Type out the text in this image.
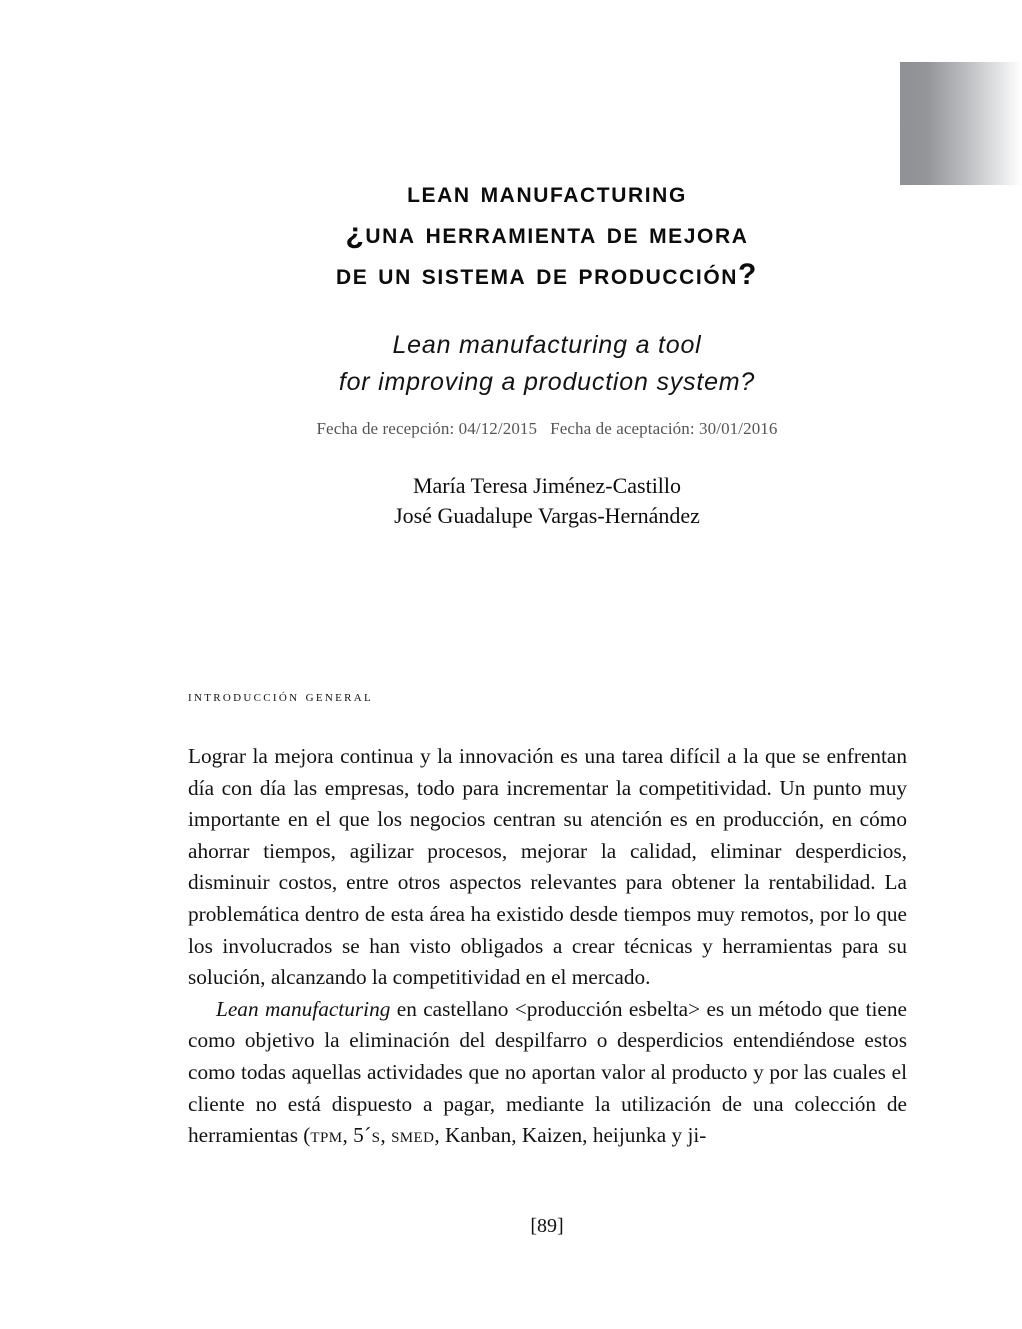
lean manufacturing
¿una herramienta de mejora
de un sistema de producción?
Lean manufacturing a tool
for improving a production system?
Fecha de recepción: 04/12/2015   Fecha de aceptación: 30/01/2016
María Teresa Jiménez-Castillo
José Guadalupe Vargas-Hernández
introducción general

Lograr la mejora continua y la innovación es una tarea difícil a la que se enfrentan día con día las empresas, todo para incrementar la competitividad. Un punto muy importante en el que los negocios centran su atención es en producción, en cómo ahorrar tiempos, agilizar procesos, mejorar la calidad, eliminar desperdicios, disminuir costos, entre otros aspectos relevantes para obtener la rentabilidad. La problemática dentro de esta área ha existido desde tiempos muy remotos, por lo que los involucrados se han visto obligados a crear técnicas y herramientas para su solución, alcanzando la competitividad en el mercado.

Lean manufacturing en castellano <producción esbelta> es un método que tiene como objetivo la eliminación del despilfarro o desperdicios entendiéndose estos como todas aquellas actividades que no aportan valor al producto y por las cuales el cliente no está dispuesto a pagar, mediante la utilización de una colección de herramientas (tpm, 5´s, smed, Kanban, Kaizen, heijunka y ji-

[89]
